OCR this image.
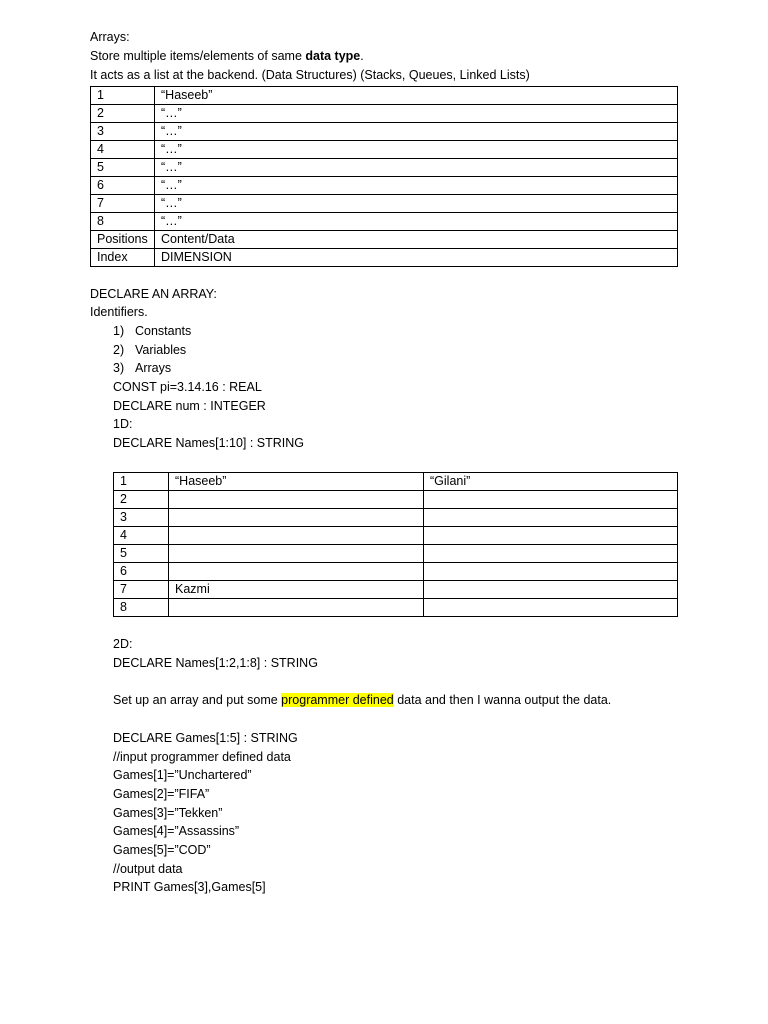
Arrays:
Store multiple items/elements of same data type.
It acts as a list at the backend. (Data Structures) (Stacks, Queues, Linked Lists)
1	“Haseeb”
2	“…”
3	“…”
4	“…”
5	“…”
6	“…”
7	“…”
8	“…”
Positions	Content/Data
Index	DIMENSION
DECLARE AN ARRAY:
Identifiers.
1) Constants
2) Variables
3) Arrays
CONST pi=3.14.16 : REAL
DECLARE num : INTEGER
1D:
DECLARE Names[1:10] : STRING
1	“Haseeb”	“Gilani”
2		
3		
4		
5		
6		
7	Kazmi	
8		
2D:
DECLARE Names[1:2,1:8] : STRING
Set up an array and put some programmer defined data and then I wanna output the data.
DECLARE Games[1:5] : STRING
//input programmer defined data
Games[1]=”Unchartered”
Games[2]=”FIFA”
Games[3]=”Tekken”
Games[4]=”Assassins”
Games[5]=”COD”
//output data
PRINT Games[3],Games[5]
